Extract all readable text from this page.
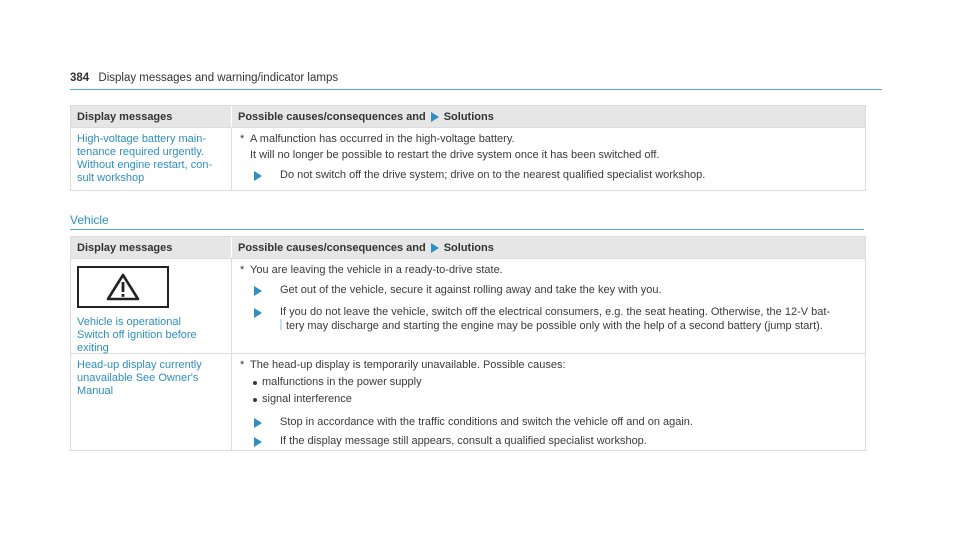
384 Display messages and warning/indicator lamps
Display messages	Possible causes/consequences and Solutions
High-voltage battery main-
tenance required urgently.
Without engine restart, con-
sult workshop
* A malfunction has occurred in the high-voltage battery.
It will no longer be possible to restart the drive system once it has been switched off.
Do not switch off the drive system; drive on to the nearest qualified specialist workshop.
Vehicle
Display messages	Possible causes/consequences and Solutions
Vehicle is operational
Switch off ignition before
exiting
* You are leaving the vehicle in a ready-to-drive state.
Get out of the vehicle, secure it against rolling away and take the key with you.
If you do not leave the vehicle, switch off the electrical consumers, e.g. the seat heating. Otherwise, the 12-V bat-
tery may discharge and starting the engine may be possible only with the help of a second battery (jump start).
Head-up display currently
unavailable See Owner's
Manual
* The head-up display is temporarily unavailable. Possible causes:
malfunctions in the power supply
signal interference
Stop in accordance with the traffic conditions and switch the vehicle off and on again.
If the display message still appears, consult a qualified specialist workshop.
